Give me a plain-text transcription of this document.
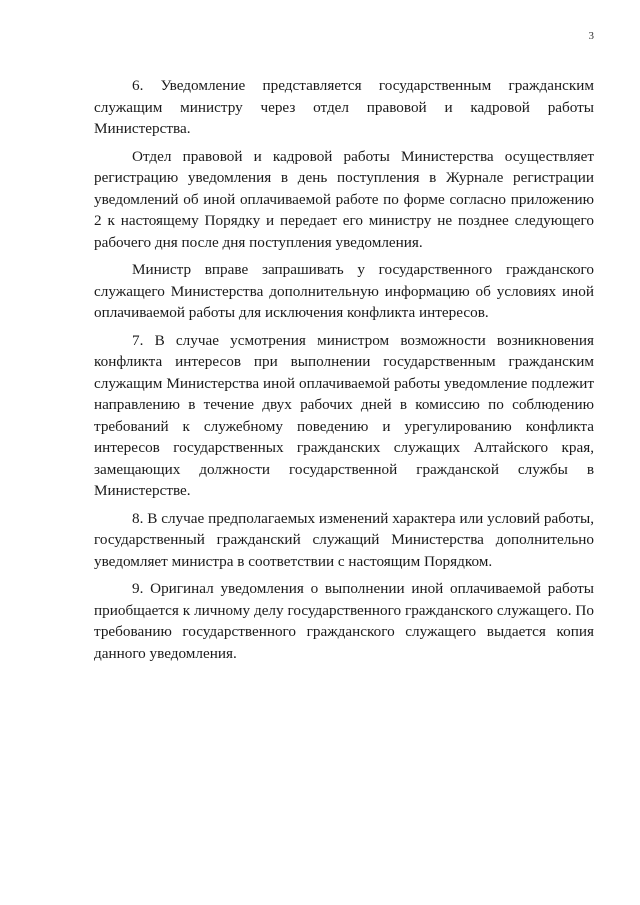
3

6. Уведомление представляется государственным гражданским служащим министру через отдел правовой и кадровой работы Министерства.

Отдел правовой и кадровой работы Министерства осуществляет регистрацию уведомления в день поступления в Журнале регистрации уведомлений об иной оплачиваемой работе по форме согласно приложению 2 к настоящему Порядку и передает его министру не позднее следующего рабочего дня после дня поступления уведомления.

Министр вправе запрашивать у государственного гражданского служащего Министерства дополнительную информацию об условиях иной оплачиваемой работы для исключения конфликта интересов.

7. В случае усмотрения министром возможности возникновения конфликта интересов при выполнении государственным гражданским служащим Министерства иной оплачиваемой работы уведомление подлежит направлению в течение двух рабочих дней в комиссию по соблюдению требований к служебному поведению и урегулированию конфликта интересов государственных гражданских служащих Алтайского края, замещающих должности государственной гражданской службы в Министерстве.

8. В случае предполагаемых изменений характера или условий работы, государственный гражданский служащий Министерства дополнительно уведомляет министра в соответствии с настоящим Порядком.

9. Оригинал уведомления о выполнении иной оплачиваемой работы приобщается к личному делу государственного гражданского служащего. По требованию государственного гражданского служащего выдается копия данного уведомления.
